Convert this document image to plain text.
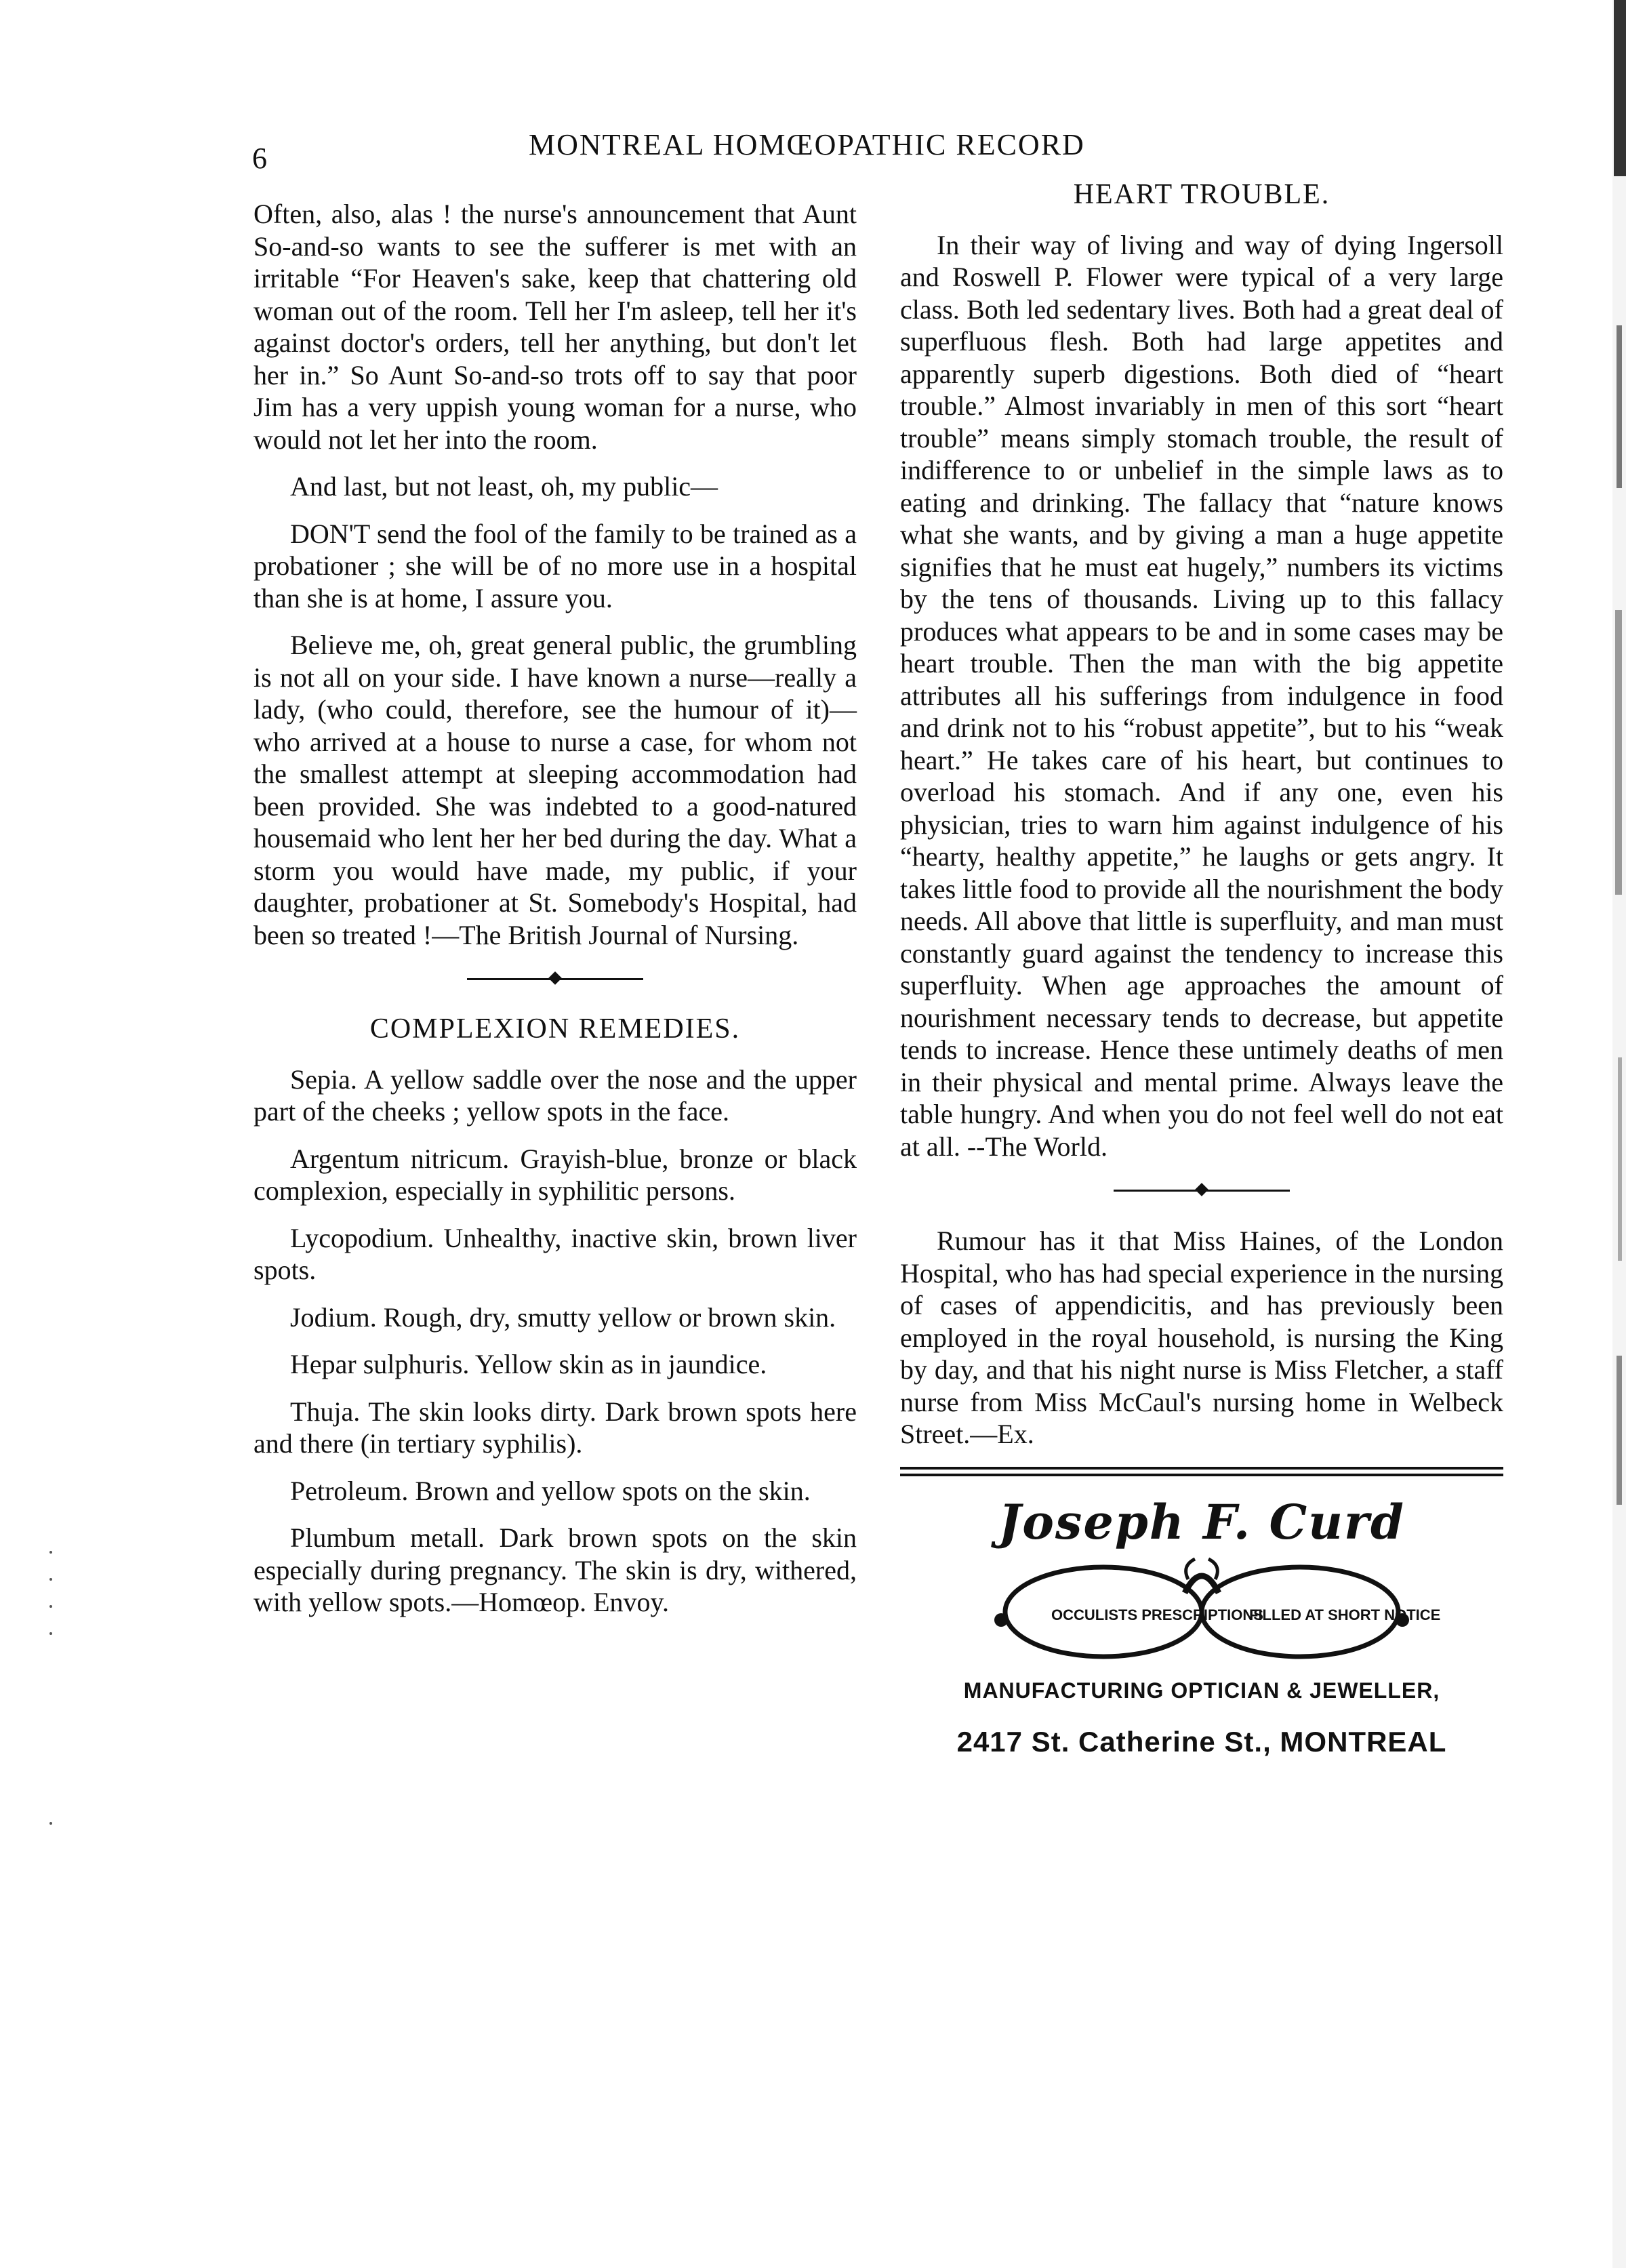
6	MONTREAL HOMŒOPATHIC RECORD

Often, also, alas ! the nurse's announcement that Aunt So-and-so wants to see the sufferer is met with an irritable “For Heaven's sake, keep that chattering old woman out of the room. Tell her I'm asleep, tell her it's against doctor's orders, tell her anything, but don't let her in.” So Aunt So-and-so trots off to say that poor Jim has a very uppish young woman for a nurse, who would not let her into the room.

And last, but not least, oh, my public—

DON'T send the fool of the family to be trained as a probationer ; she will be of no more use in a hospital than she is at home, I assure you.

Believe me, oh, great general public, the grumbling is not all on your side. I have known a nurse—really a lady, (who could, therefore, see the humour of it)—who arrived at a house to nurse a case, for whom not the smallest attempt at sleeping accommodation had been provided. She was indebted to a good-natured housemaid who lent her her bed during the day. What a storm you would have made, my public, if your daughter, probationer at St. Somebody's Hospital, had been so treated !—The British Journal of Nursing.

COMPLEXION REMEDIES.

Sepia. A yellow saddle over the nose and the upper part of the cheeks ; yellow spots in the face.

Argentum nitricum. Grayish-blue, bronze or black complexion, especially in syphilitic persons.

Lycopodium. Unhealthy, inactive skin, brown liver spots.

Jodium. Rough, dry, smutty yellow or brown skin.

Hepar sulphuris. Yellow skin as in jaundice.

Thuja. The skin looks dirty. Dark brown spots here and there (in tertiary syphilis).

Petroleum. Brown and yellow spots on the skin.

Plumbum metall. Dark brown spots on the skin especially during pregnancy. The skin is dry, withered, with yellow spots.—Homœop. Envoy.

HEART TROUBLE.

In their way of living and way of dying Ingersoll and Roswell P. Flower were typical of a very large class. Both led sedentary lives. Both had a great deal of superfluous flesh. Both had large appetites and apparently superb digestions. Both died of “heart trouble.” Almost invariably in men of this sort “heart trouble” means simply stomach trouble, the result of indifference to or unbelief in the simple laws as to eating and drinking. The fallacy that “nature knows what she wants, and by giving a man a huge appetite signifies that he must eat hugely,” numbers its victims by the tens of thousands. Living up to this fallacy produces what appears to be and in some cases may be heart trouble. Then the man with the big appetite attributes all his sufferings from indulgence in food and drink not to his “robust appetite”, but to his “weak heart.” He takes care of his heart, but continues to overload his stomach. And if any one, even his physician, tries to warn him against indulgence of his “hearty, healthy appetite,” he laughs or gets angry. It takes little food to provide all the nourishment the body needs. All above that little is superfluity, and man must constantly guard against the tendency to increase this superfluity. When age approaches the amount of nourishment necessary tends to decrease, but appetite tends to increase. Hence these untimely deaths of men in their physical and mental prime. Always leave the table hungry. And when you do not feel well do not eat at all. --The World.

Rumour has it that Miss Haines, of the London Hospital, who has had special experience in the nursing of cases of appendicitis, and has previously been employed in the royal household, is nursing the King by day, and that his night nurse is Miss Fletcher, a staff nurse from Miss McCaul's nursing home in Welbeck Street.—Ex.

Joseph F. Curd
OCCULISTS PRESCRIPTIONS
FILLED AT SHORT NOTICE
MANUFACTURING OPTICIAN & JEWELLER,
2417 St. Catherine St., MONTREAL
